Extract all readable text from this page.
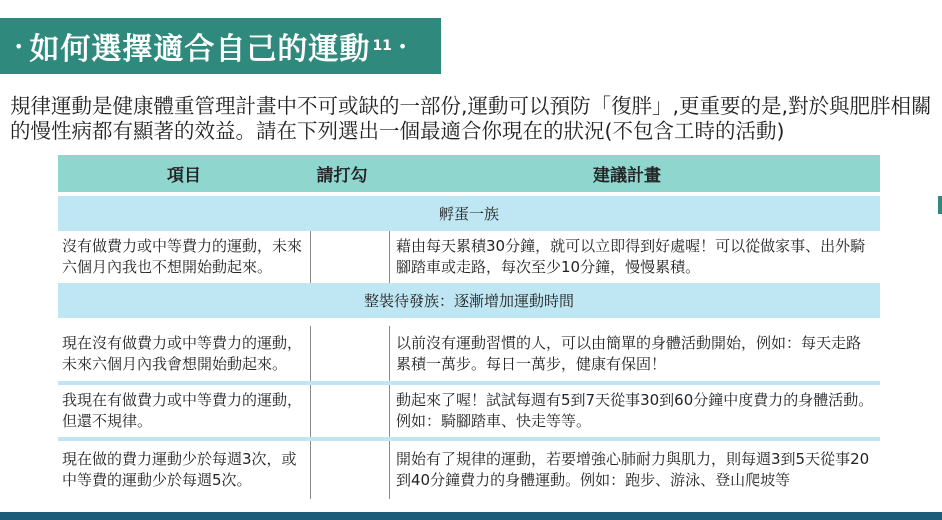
• 如何選擇適合自己的運動 11 •
規律運動是健康體重管理計畫中不可或缺的一部份,運動可以預防「復胖」,更重要的是,對於與肥胖相關的慢性病都有顯著的效益。請在下列選出一個最適合你現在的狀況(不包含工時的活動)
項目	請打勾	建議計畫
孵蛋一族
沒有做費力或中等費力的運動，未來六個月內我也不想開始動起來。
藉由每天累積30分鐘，就可以立即得到好處喔！可以從做家事、出外騎腳踏車或走路，每次至少10分鐘，慢慢累積。
整裝待發族：逐漸增加運動時間
現在沒有做費力或中等費力的運動，未來六個月內我會想開始動起來。
以前沒有運動習慣的人，可以由簡單的身體活動開始，例如：每天走路累積一萬步。每日一萬步，健康有保固！
我現在有做費力或中等費力的運動，但還不規律。
動起來了喔！試試每週有5到7天從事30到60分鐘中度費力的身體活動。例如：騎腳踏車、快走等等。
現在做的費力運動少於每週3次，或中等費的運動少於每週5次。
開始有了規律的運動，若要增強心肺耐力與肌力，則每週3到5天從事20到40分鐘費力的身體運動。例如：跑步、游泳、登山爬坡等
